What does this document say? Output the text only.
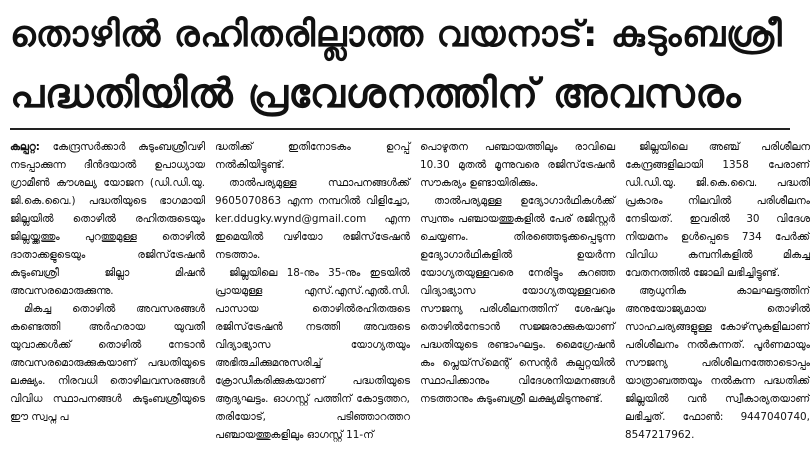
തൊഴിൽ രഹിതരില്ലാത്ത വയനാട്: കുടുംബശ്രീ
പദ്ധതിയിൽ പ്രവേശനത്തിന് അവസരം

കല്പറ്റ: കേന്ദ്രസർക്കാർ കുടുംബശ്രീവഴി നടപ്പാക്കുന്ന ദീൻദയാൽ ഉപാധ്യായ ഗ്രാമീൺ കൗശല്യ യോജന (ഡി.ഡി.യു. ജി.കെ.വൈ.) പദ്ധതിയുടെ ഭാഗമായി ജില്ലയിൽ തൊഴിൽ രഹിതരുടെയും ജില്ലയ്ക്കത്തും പുറത്തുമുള്ള തൊഴിൽ ദാതാക്കളുടെയും രജിസ്‌ട്രേഷൻ കുടുംബശ്രീ ജില്ലാ മിഷൻ അവസരമൊരുക്കുന്നു.

മികച്ച തൊഴിൽ അവസരങ്ങൾ കണ്ടെത്തി അർഹരായ യുവതീ യുവാക്കൾക്ക് തൊഴിൽ നേടാൻ അവസരമൊരുക്കുകയാണ് പദ്ധതിയുടെ ലക്ഷ്യം. നിരവധി തൊഴിലവസരങ്ങൾ വിവിധ സ്ഥാപനങ്ങൾ കുടുംബശ്രീയുടെ ഈ സ്വപ്ന പ

ദ്ധതിക്ക് ഇതിനോടകം ഉറപ്പ് നൽകിയിട്ടുണ്ട്.

താൽപര്യമുള്ള സ്ഥാപനങ്ങൾക്ക് 9605070863 എന്ന നമ്പറിൽ വിളിച്ചോ, ker.ddugky.wynd@gmail.com എന്ന ഇമെയിൽ വഴിയോ രജിസ്‌ട്രേഷൻ നടത്താം.

ജില്ലയിലെ 18-നും 35-നും ഇടയിൽ പ്രായമുള്ള എസ്.എസ്.എൽ.സി. പാസായ തൊഴിൽരഹിതരുടെ രജിസ്‌ട്രേഷൻ നടത്തി അവരുടെ വിദ്യാഭ്യാസ യോഗ്യതയും അഭിരുചിക്കുമനുസരിച്ച് ക്രോഡീകരിക്കുകയാണ് പദ്ധതിയുടെ ആദ്യഘട്ടം. ഓഗസ്റ്റ് പത്തിന് കോട്ടത്തറ, തരിയോട്, പടിഞ്ഞാറത്തറ പഞ്ചായത്തുകളിലും ഓഗസ്റ്റ് 11-ന്

പൊഴുതന പഞ്ചായത്തിലും രാവിലെ 10.30 മുതൽ മൂന്നുവരെ രജിസ്‌ട്രേഷൻ സൗകര്യം ഉണ്ടായിരിക്കും.

താൽപര്യമുള്ള ഉദ്യോഗാർഥികൾക്ക് സ്വന്തം പഞ്ചായത്തുകളിൽ പേര് രജിസ്റ്റർ ചെയ്യണം. തിരഞ്ഞെടുക്കപ്പെടുന്ന ഉദ്യോഗാർഥികളിൽ ഉയർന്ന യോഗ്യതയുള്ളവരെ നേരിട്ടും കുറഞ്ഞ വിദ്യാഭ്യാസ യോഗ്യതയുള്ളവരെ സൗജന്യ പരിശീലനത്തിന് ശേഷവും തൊഴിൽനേടാൻ സജ്ജരാക്കുകയാണ് പദ്ധതിയുടെ രണ്ടാംഘട്ടം. മൈഗ്രേഷൻ കം പ്ലെയ്‌സ്‌മെന്റ് സെന്റർ കല്പറ്റയിൽ സ്ഥാപിക്കാനും വിദേശനിയമനങ്ങൾ നടത്താനും കുടുംബശ്രീ ലക്ഷ്യമിടുന്നുണ്ട്.

ജില്ലയിലെ അഞ്ച് പരിശീലന കേന്ദ്രങ്ങളിലായി 1358 പേരാണ് ഡി.ഡി.യു. ജി.കെ.വൈ. പദ്ധതി പ്രകാരം നിലവിൽ പരിശീലനം നേടിയത്. ഇവരിൽ 30 വിദേശ നിയമനം ഉൾപ്പെടെ 734 പേർക്ക് വിവിധ കമ്പനികളിൽ മികച്ച വേതനത്തിൽ ജോലി ലഭിച്ചിട്ടുണ്ട്.

ആധുനിക കാലഘട്ടത്തിന് അനുയോജ്യമായ തൊഴിൽ സാഹചര്യങ്ങളുള്ള കോഴ്‌സുകളിലാണ് പരിശീലനം നൽകുന്നത്. പൂർണമായും സൗജന്യ പരിശീലനത്തോടൊപ്പം യാത്രാബത്തയും നൽകുന്ന പദ്ധതിക്ക് ജില്ലയിൽ വൻ സ്വീകാര്യതയാണ് ലഭിച്ചത്. ഫോൺ: 9447040740, 8547217962.
